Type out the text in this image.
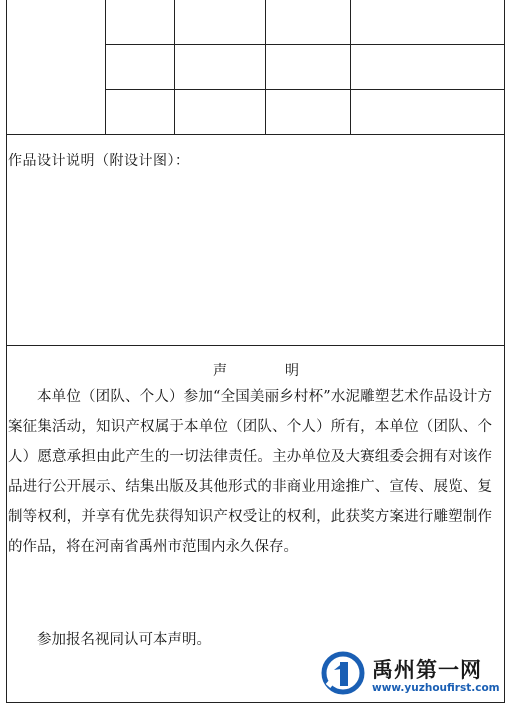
作品设计说明（附设计图）：
声	明

本单位（团队、个人）参加“全国美丽乡村杯”水泥雕塑艺术作品设计方案征集活动，知识产权属于本单位（团队、个人）所有，本单位（团队、个人）愿意承担由此产生的一切法律责任。主办单位及大赛组委会拥有对该作品进行公开展示、结集出版及其他形式的非商业用途推广、宣传、展览、复制等权利，并享有优先获得知识产权受让的权利，此获奖方案进行雕塑制作的作品，将在河南省禹州市范围内永久保存。

参加报名视同认可本声明。
禹州第一网
www.yuzhoufirst.com
